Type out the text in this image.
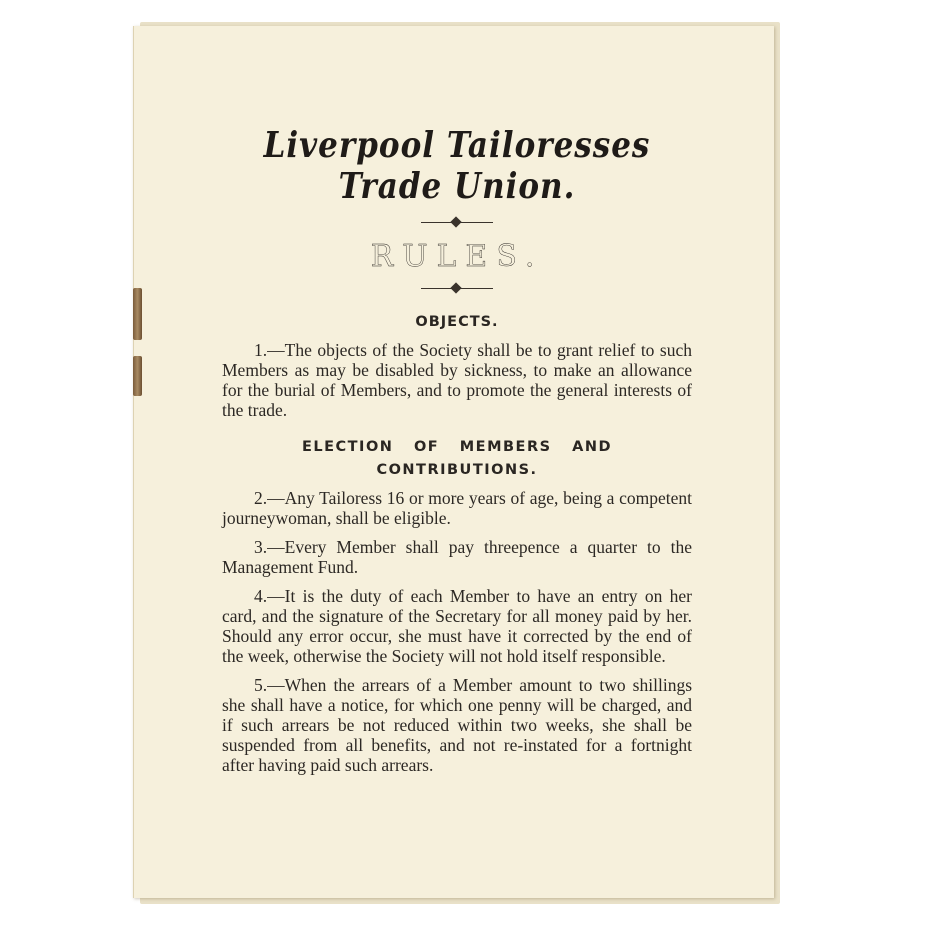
Liverpool Tailoresses Trade Union.
RULES.
OBJECTS.

1.—The objects of the Society shall be to grant relief to such Members as may be disabled by sickness, to make an allowance for the burial of Members, and to promote the general interests of the trade.

ELECTION OF MEMBERS AND
CONTRIBUTIONS.

2.—Any Tailoress 16 or more years of age, being a competent journeywoman, shall be eligible.

3.—Every Member shall pay threepence a quarter to the Management Fund.

4.—It is the duty of each Member to have an entry on her card, and the signature of the Secretary for all money paid by her. Should any error occur, she must have it corrected by the end of the week, otherwise the Society will not hold itself responsible.

5.—When the arrears of a Member amount to two shillings she shall have a notice, for which one penny will be charged, and if such arrears be not reduced within two weeks, she shall be suspended from all benefits, and not re-instated for a fortnight after having paid such arrears.
